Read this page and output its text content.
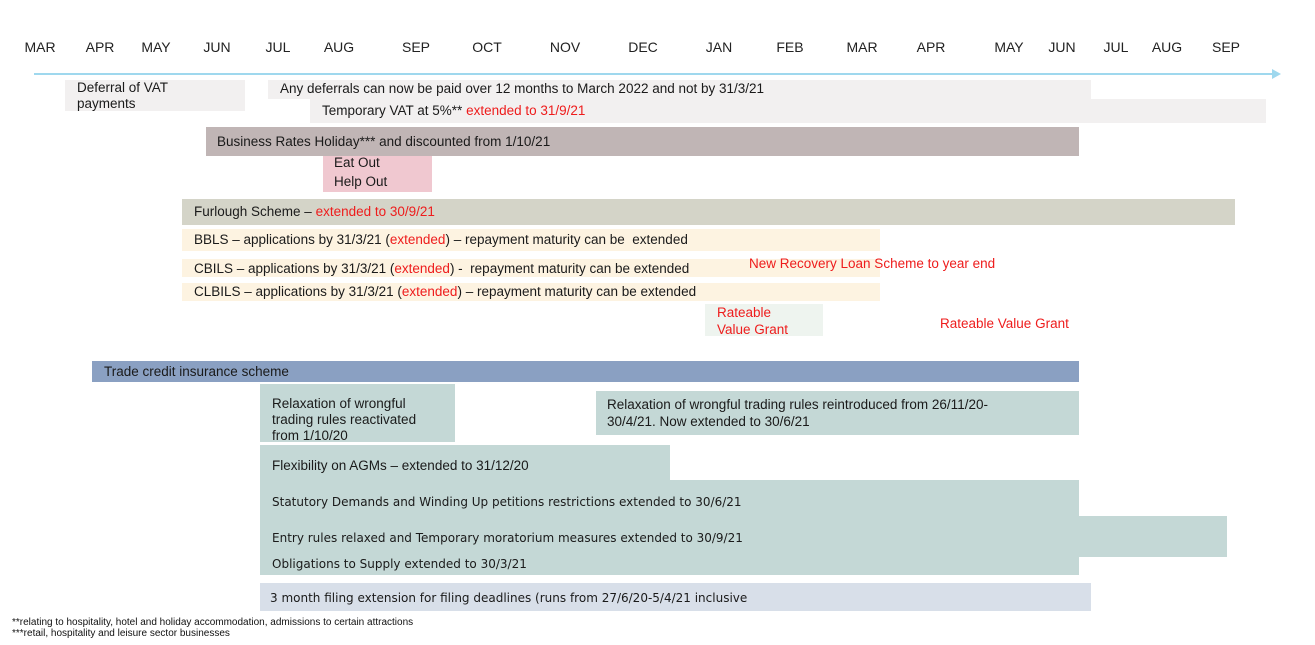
MAR APR MAY JUN JUL AUG	SEP	OCT	NOV	DEC	JAN	FEB	MAR	APR	MAY JUN JUL AUG SEP
Deferral of VAT
payments
Any deferrals can now be paid over 12 months to March 2022 and not by 31/3/21
Temporary VAT at 5%** extended to 31/9/21
Business Rates Holiday*** and discounted from 1/10/21
Eat Out
Help Out
Furlough Scheme – extended to 30/9/21
BBLS – applications by 31/3/21 (extended) – repayment maturity can be  extended
CBILS – applications by 31/3/21 (extended) -  repayment maturity can be extended	New Recovery Loan Scheme to year end
CLBILS – applications by 31/3/21 (extended) – repayment maturity can be extended
Rateable
Value Grant	Rateable Value Grant
CCFF – Mar 21
Trade credit insurance scheme
Relaxation of wrongful
trading rules reactivated
from 1/10/20
Relaxation of wrongful trading rules reintroduced from 26/11/20-
30/4/21. Now extended to 30/6/21
Flexibility on AGMs – extended to 31/12/20
Statutory Demands and Winding Up petitions restrictions extended to 30/6/21
Entry rules relaxed and Temporary moratorium measures extended to 30/9/21
Obligations to Supply extended to 30/3/21
3 month filing extension for filing deadlines (runs from 27/6/20-5/4/21 inclusive
**relating to hospitality, hotel and holiday accommodation, admissions to certain attractions
***retail, hospitality and leisure sector businesses
